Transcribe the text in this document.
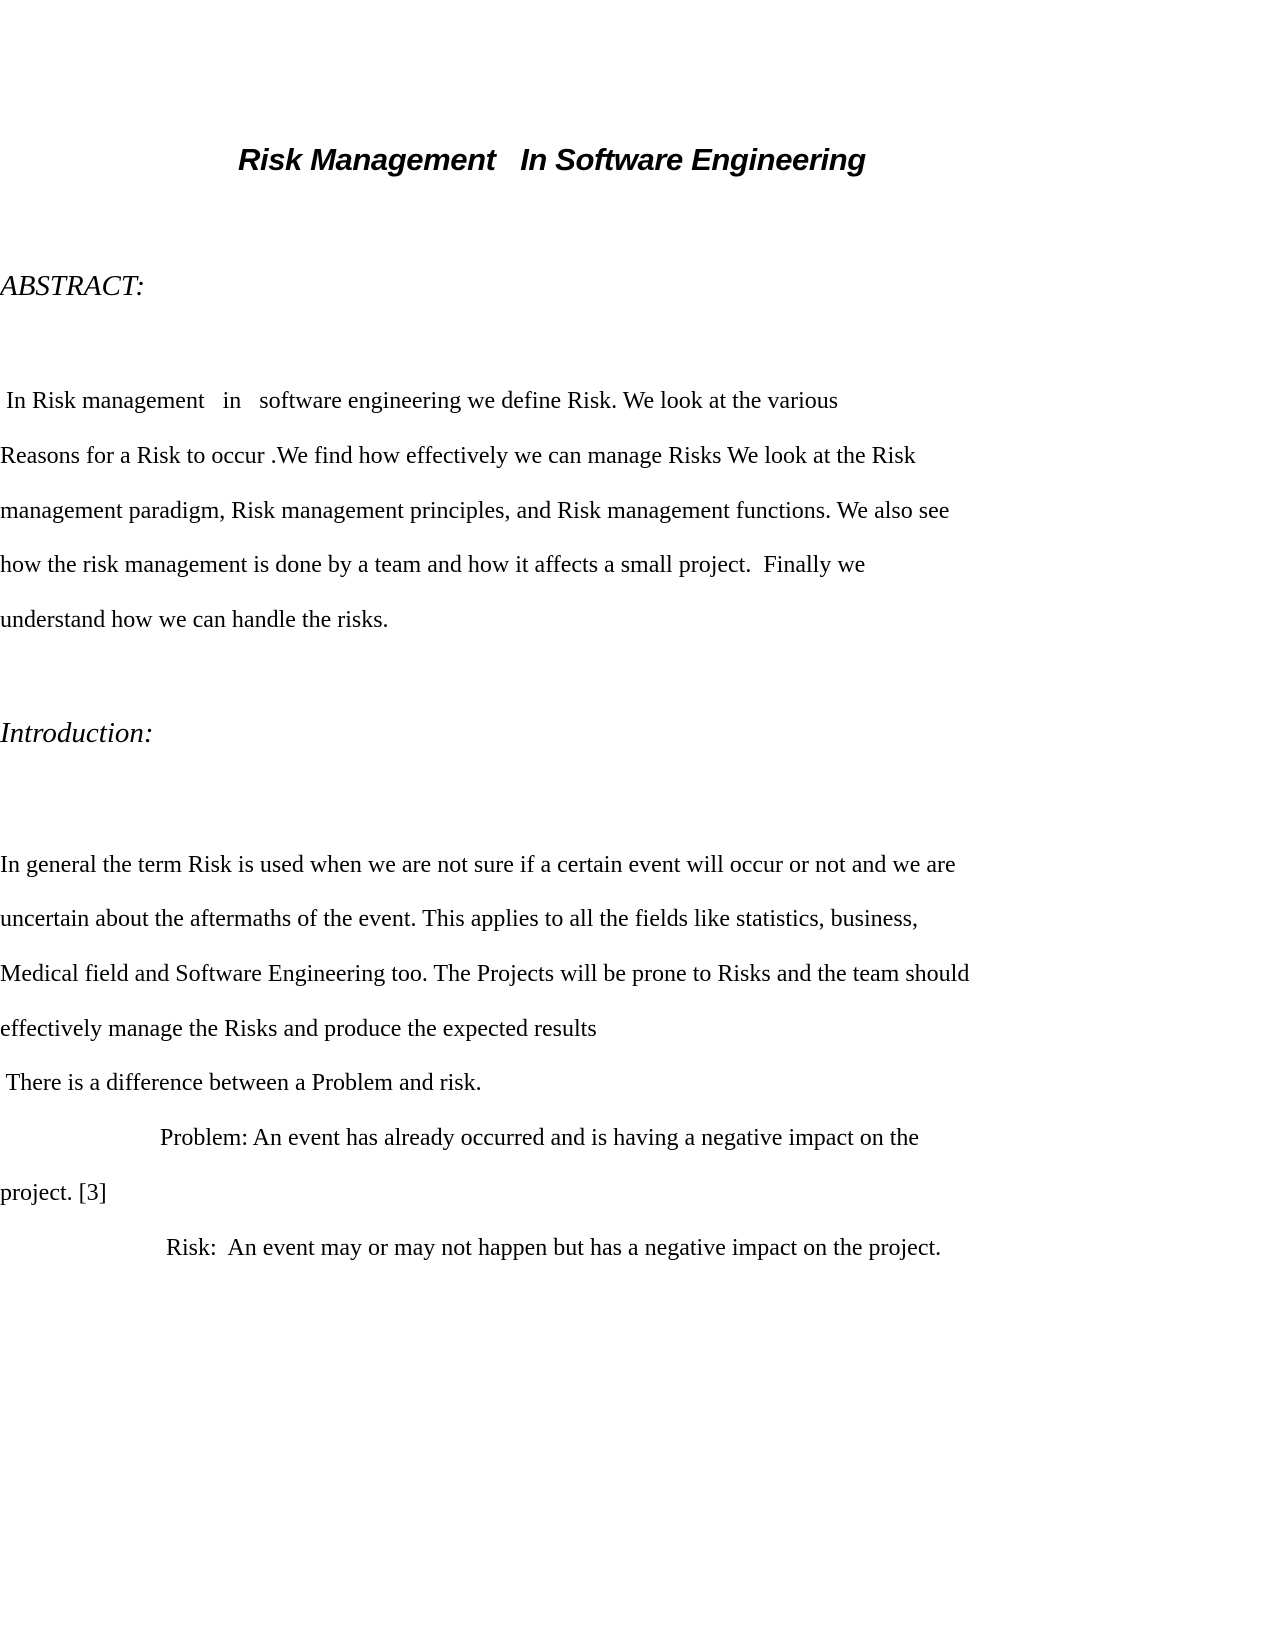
Risk Management   In Software Engineering
ABSTRACT:

In Risk management   in   software engineering we define Risk. We look at the various

Reasons for a Risk to occur .We find how effectively we can manage Risks We look at the Risk

management paradigm, Risk management principles, and Risk management functions. We also see

how the risk management is done by a team and how it affects a small project.  Finally we

understand how we can handle the risks.

Introduction:

In general the term Risk is used when we are not sure if a certain event will occur or not and we are

uncertain about the aftermaths of the event. This applies to all the fields like statistics, business,

Medical field and Software Engineering too. The Projects will be prone to Risks and the team should

effectively manage the Risks and produce the expected results

There is a difference between a Problem and risk.

Problem: An event has already occurred and is having a negative impact on the

project. [3]

Risk:  An event may or may not happen but has a negative impact on the project.
